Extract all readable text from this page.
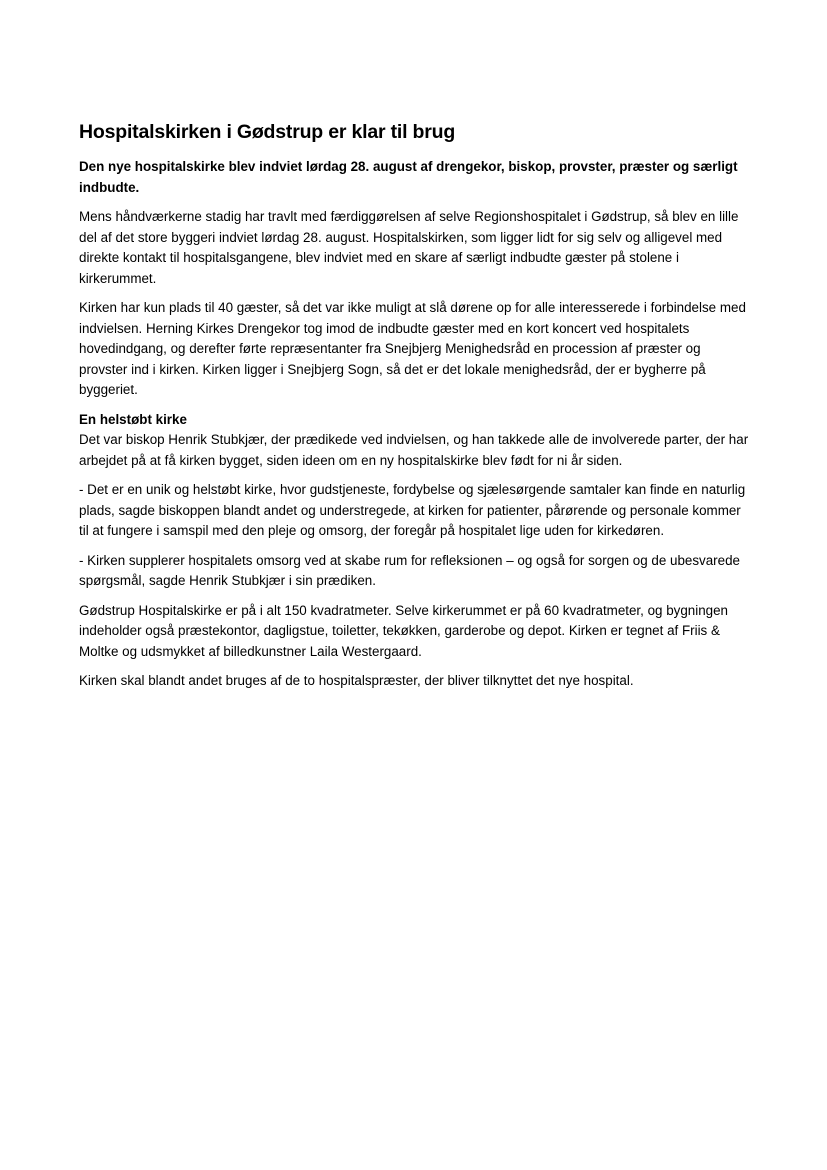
Hospitalskirken i Gødstrup er klar til brug

Den nye hospitalskirke blev indviet lørdag 28. august af drengekor, biskop, provster, præster og særligt indbudte.

Mens håndværkerne stadig har travlt med færdiggørelsen af selve Regionshospitalet i Gødstrup, så blev en lille del af det store byggeri indviet lørdag 28. august. Hospitalskirken, som ligger lidt for sig selv og alligevel med direkte kontakt til hospitalsgangene, blev indviet med en skare af særligt indbudte gæster på stolene i kirkerummet.

Kirken har kun plads til 40 gæster, så det var ikke muligt at slå dørene op for alle interesserede i forbindelse med indvielsen. Herning Kirkes Drengekor tog imod de indbudte gæster med en kort koncert ved hospitalets hovedindgang, og derefter førte repræsentanter fra Snejbjerg Menighedsråd en procession af præster og provster ind i kirken. Kirken ligger i Snejbjerg Sogn, så det er det lokale menighedsråd, der er bygherre på byggeriet.

En helstøbt kirke
Det var biskop Henrik Stubkjær, der prædikede ved indvielsen, og han takkede alle de involverede parter, der har arbejdet på at få kirken bygget, siden ideen om en ny hospitalskirke blev født for ni år siden.

- Det er en unik og helstøbt kirke, hvor gudstjeneste, fordybelse og sjælesørgende samtaler kan finde en naturlig plads, sagde biskoppen blandt andet og understregede, at kirken for patienter, pårørende og personale kommer til at fungere i samspil med den pleje og omsorg, der foregår på hospitalet lige uden for kirkedøren.

- Kirken supplerer hospitalets omsorg ved at skabe rum for refleksionen – og også for sorgen og de ubesvarede spørgsmål, sagde Henrik Stubkjær i sin prædiken.

Gødstrup Hospitalskirke er på i alt 150 kvadratmeter. Selve kirkerummet er på 60 kvadratmeter, og bygningen indeholder også præstekontor, dagligstue, toiletter, tekøkken, garderobe og depot. Kirken er tegnet af Friis & Moltke og udsmykket af billedkunstner Laila Westergaard.

Kirken skal blandt andet bruges af de to hospitalspræster, der bliver tilknyttet det nye hospital.
